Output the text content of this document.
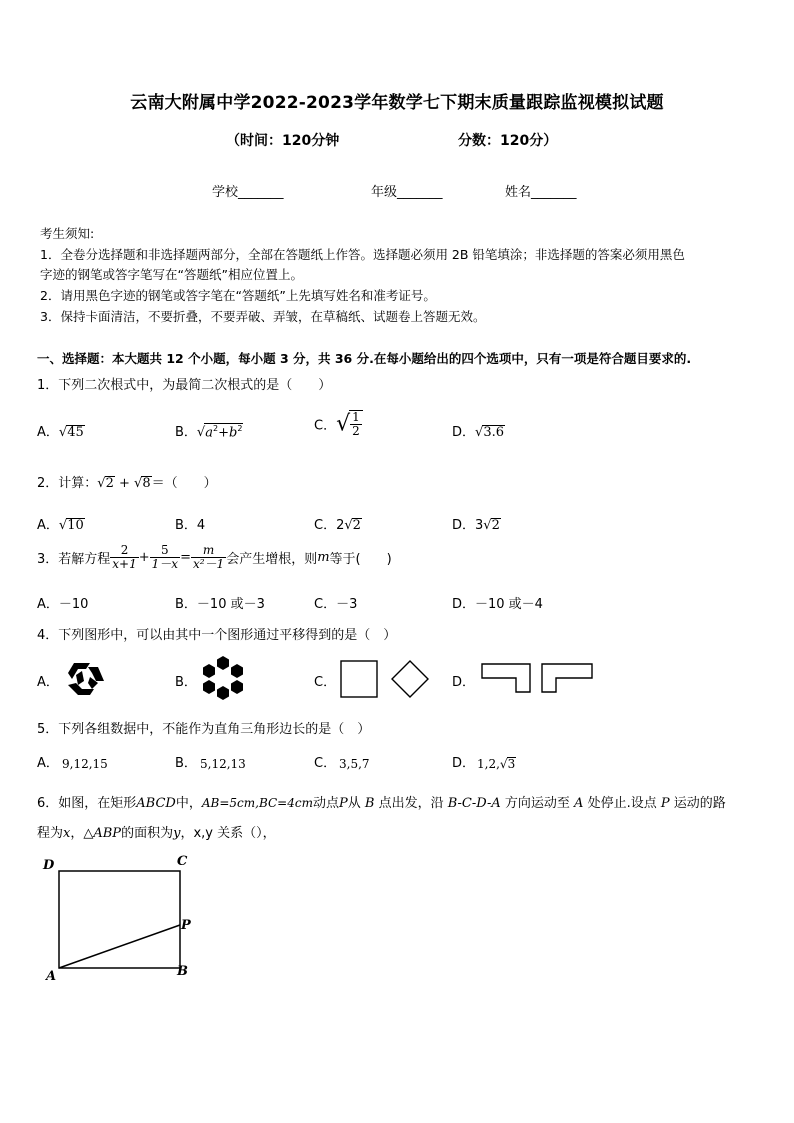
云南大附属中学2022-2023学年数学七下期末质量跟踪监视模拟试题
（时间：120分钟	分数：120分）
学校_______	年级_______	姓名_______
考生须知:
1．全卷分选择题和非选择题两部分，全部在答题纸上作答。选择题必须用 2B 铅笔填涂；非选择题的答案必须用黑色
字迹的钢笔或答字笔写在“答题纸”相应位置上。
2．请用黑色字迹的钢笔或答字笔在“答题纸”上先填写姓名和准考证号。
3．保持卡面清洁，不要折叠，不要弄破、弄皱，在草稿纸、试题卷上答题无效。
一、选择题：本大题共 12 个小题，每小题 3 分，共 36 分.在每小题给出的四个选项中，只有一项是符合题目要求的.
1．下列二次根式中，为最简二次根式的是（　　）
A．√45	B．$√a^2+b^2$	C．√ $\frac{1}{2}$	D．√3.6
2．计算：√2 + √8＝（　　）
A．√10	B．4	C．2√2	D．3√2
3．若解方程 $\frac{2}{x+1} + \frac{5}{1-x} = \frac{m}{\text{x²－1}}$ 会产生增根，则 m 等于(　　)
A．－10	B．－10 或－3	C．－3	D．－10 或－4
4．下列图形中，可以由其中一个图形通过平移得到的是（　）
A．	B．	C．	D．
5．下列各组数据中，不能作为直角三角形边长的是（　）
A． 9,12,15	B． 5,12,13	C． 3,5,7	D． 1,2,√3
6．如图，在矩形ABCD中，AB=5cm,BC=4cm动点P从 B 点出发，沿 B-C-D-A 方向运动至 A 处停止.设点 P 运动的路
程为x，△ABP的面积为y，x,y 关系（），
D	C
P
A	B
